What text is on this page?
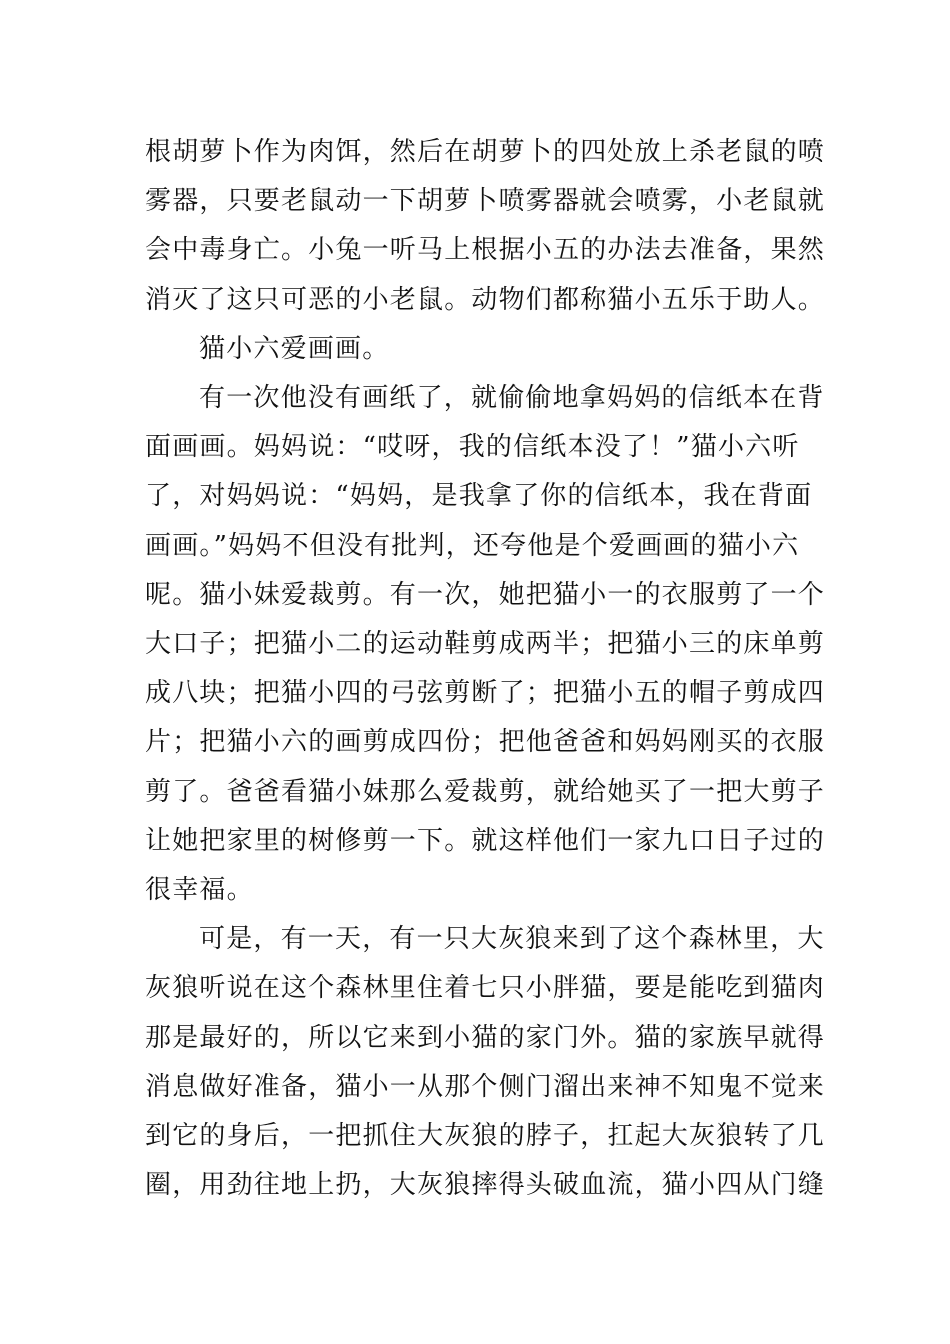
根胡萝卜作为肉饵，然后在胡萝卜的四处放上杀老鼠的喷
雾器，只要老鼠动一下胡萝卜喷雾器就会喷雾，小老鼠就
会中毒身亡。小兔一听马上根据小五的办法去准备，果然
消灭了这只可恶的小老鼠。动物们都称猫小五乐于助人。

猫小六爱画画。

有一次他没有画纸了，就偷偷地拿妈妈的信纸本在背
面画画。妈妈说：“哎呀，我的信纸本没了！”猫小六听
了，对妈妈说：“妈妈，是我拿了你的信纸本，我在背面
画画。”妈妈不但没有批判，还夸他是个爱画画的猫小六
呢。猫小妹爱裁剪。有一次，她把猫小一的衣服剪了一个
大口子；把猫小二的运动鞋剪成两半；把猫小三的床单剪
成八块；把猫小四的弓弦剪断了；把猫小五的帽子剪成四
片；把猫小六的画剪成四份；把他爸爸和妈妈刚买的衣服
剪了。爸爸看猫小妹那么爱裁剪，就给她买了一把大剪子
让她把家里的树修剪一下。就这样他们一家九口日子过的
很幸福。

可是，有一天，有一只大灰狼来到了这个森林里，大
灰狼听说在这个森林里住着七只小胖猫，要是能吃到猫肉
那是最好的，所以它来到小猫的家门外。猫的家族早就得
消息做好准备，猫小一从那个侧门溜出来神不知鬼不觉来
到它的身后，一把抓住大灰狼的脖子，扛起大灰狼转了几
圈，用劲往地上扔，大灰狼摔得头破血流，猫小四从门缝
